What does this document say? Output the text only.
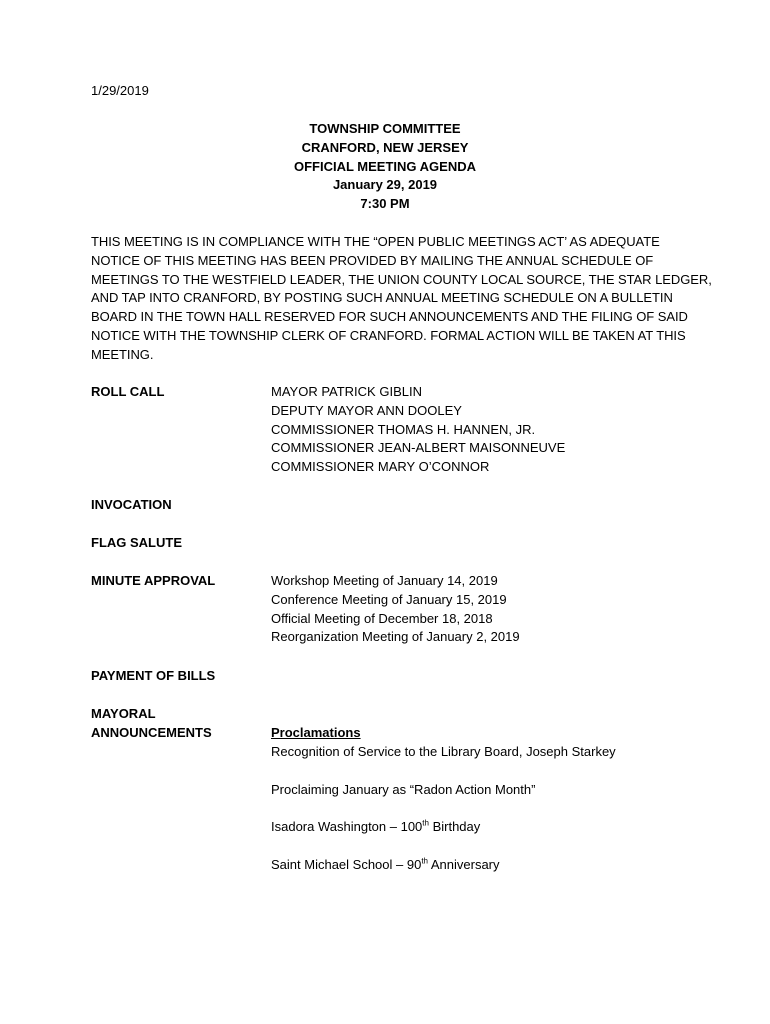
1/29/2019
TOWNSHIP COMMITTEE
CRANFORD, NEW JERSEY
OFFICIAL MEETING AGENDA
January 29, 2019
7:30 PM
THIS MEETING IS IN COMPLIANCE WITH THE “OPEN PUBLIC MEETINGS ACT’ AS ADEQUATE
NOTICE OF THIS MEETING HAS BEEN PROVIDED BY MAILING THE ANNUAL SCHEDULE OF
MEETINGS TO THE WESTFIELD LEADER, THE UNION COUNTY LOCAL SOURCE, THE STAR LEDGER,
AND TAP INTO CRANFORD, BY POSTING SUCH ANNUAL MEETING SCHEDULE ON A BULLETIN
BOARD IN THE TOWN HALL RESERVED FOR SUCH ANNOUNCEMENTS AND THE FILING OF SAID
NOTICE WITH THE TOWNSHIP CLERK OF CRANFORD. FORMAL ACTION WILL BE TAKEN AT THIS
MEETING.
ROLL CALL	MAYOR PATRICK GIBLIN
DEPUTY MAYOR ANN DOOLEY
COMMISSIONER THOMAS H. HANNEN, JR.
COMMISSIONER JEAN-ALBERT MAISONNEUVE
COMMISSIONER MARY O’CONNOR
INVOCATION
FLAG SALUTE
MINUTE APPROVAL	Workshop Meeting of January 14, 2019
Conference Meeting of January 15, 2019
Official Meeting of December 18, 2018
Reorganization Meeting of January 2, 2019
PAYMENT OF BILLS
MAYORAL
ANNOUNCEMENTS	Proclamations
Recognition of Service to the Library Board, Joseph Starkey
Proclaiming January as “Radon Action Month”
Isadora Washington – 100th Birthday
Saint Michael School – 90th Anniversary
